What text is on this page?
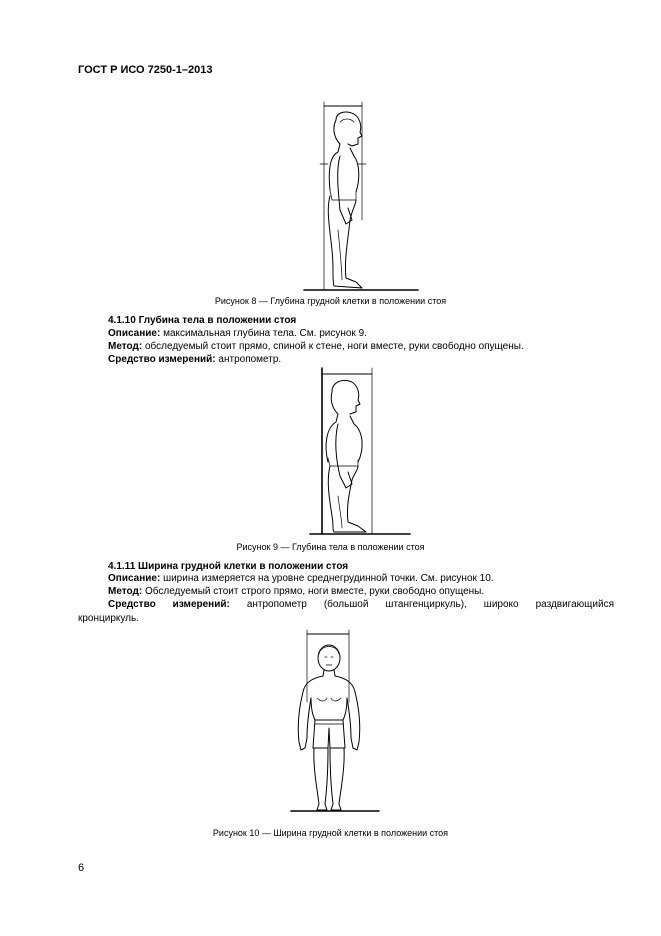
ГОСТ Р ИСО 7250-1–2013
Рисунок 8 — Глубина грудной клетки в положении стоя
4.1.10 Глубина тела в положении стоя
Описание: максимальная глубина тела. См. рисунок 9.
Метод: обследуемый стоит прямо, спиной к стене, ноги вместе, руки свободно опущены.
Средство измерений: антропометр.
Рисунок 9 — Глубина тела в положении стоя
4.1.11 Ширина грудной клетки в положении стоя
Описание: ширина измеряется на уровне среднегрудинной точки. См. рисунок 10.
Метод: Обследуемый стоит строго прямо, ноги вместе, руки свободно опущены.
Средство измерений: антропометр (большой штангенциркуль), широко раздвигающийся
кронциркуль.
Рисунок 10 — Ширина грудной клетки в положении стоя
6
